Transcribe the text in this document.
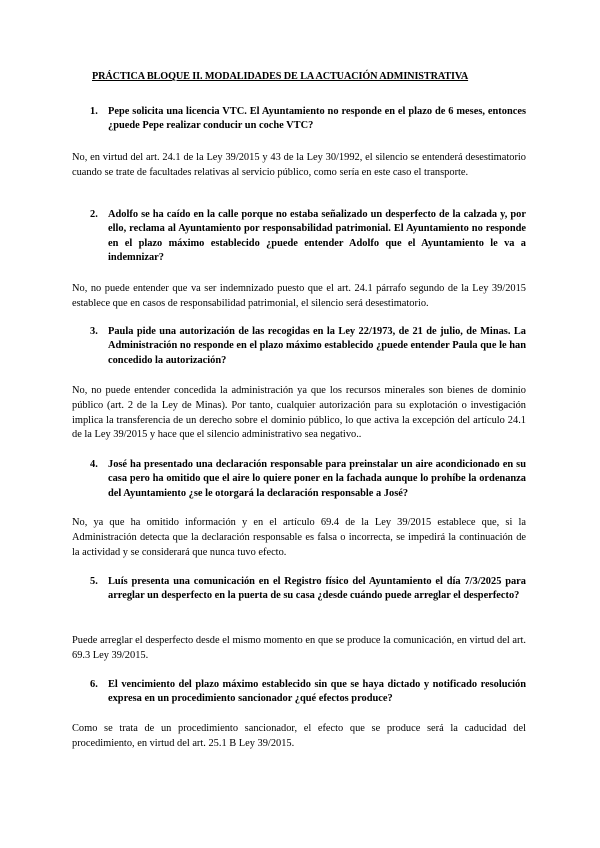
PRÁCTICA BLOQUE II. MODALIDADES DE LA ACTUACIÓN ADMINISTRATIVA
1. Pepe solicita una licencia VTC. El Ayuntamiento no responde en el plazo de 6 meses, entonces ¿puede Pepe realizar conducir un coche VTC?
No, en virtud del art. 24.1 de la Ley 39/2015 y 43 de la Ley 30/1992, el silencio se entenderá desestimatorio cuando se trate de facultades relativas al servicio público, como sería en este caso el transporte.
2. Adolfo se ha caído en la calle porque no estaba señalizado un desperfecto de la calzada y, por ello, reclama al Ayuntamiento por responsabilidad patrimonial. El Ayuntamiento no responde en el plazo máximo establecido ¿puede entender Adolfo que el Ayuntamiento le va a indemnizar?
No, no puede entender que va ser indemnizado puesto que el art. 24.1 párrafo segundo de la Ley 39/2015 establece que en casos de responsabilidad patrimonial, el silencio será desestimatorio.
3. Paula pide una autorización de las recogidas en la Ley 22/1973, de 21 de julio, de Minas. La Administración no responde en el plazo máximo establecido ¿puede entender Paula que le han concedido la autorización?
No, no puede entender concedida la administración ya que los recursos minerales son bienes de dominio público (art. 2 de la Ley de Minas). Por tanto, cualquier autorización para su explotación o investigación implica la transferencia de un derecho sobre el dominio público, lo que activa la excepción del artículo 24.1 de la Ley 39/2015 y hace que el silencio administrativo sea negativo..
4. José ha presentado una declaración responsable para preinstalar un aire acondicionado en su casa pero ha omitido que el aire lo quiere poner en la fachada aunque lo prohíbe la ordenanza del Ayuntamiento ¿se le otorgará la declaración responsable a José?
No, ya que ha omitido información y en el artículo 69.4 de la Ley 39/2015 establece que, si la Administración detecta que la declaración responsable es falsa o incorrecta, se impedirá la continuación de la actividad y se considerará que nunca tuvo efecto.
5. Luís presenta una comunicación en el Registro físico del Ayuntamiento el día 7/3/2025 para arreglar un desperfecto en la puerta de su casa ¿desde cuándo puede arreglar el desperfecto?
Puede arreglar el desperfecto desde el mismo momento en que se produce la comunicación, en virtud del art. 69.3 Ley 39/2015.
6. El vencimiento del plazo máximo establecido sin que se haya dictado y notificado resolución expresa en un procedimiento sancionador ¿qué efectos produce?
Como se trata de un procedimiento sancionador, el efecto que se produce será la caducidad del procedimiento, en virtud del art. 25.1 B Ley 39/2015.
